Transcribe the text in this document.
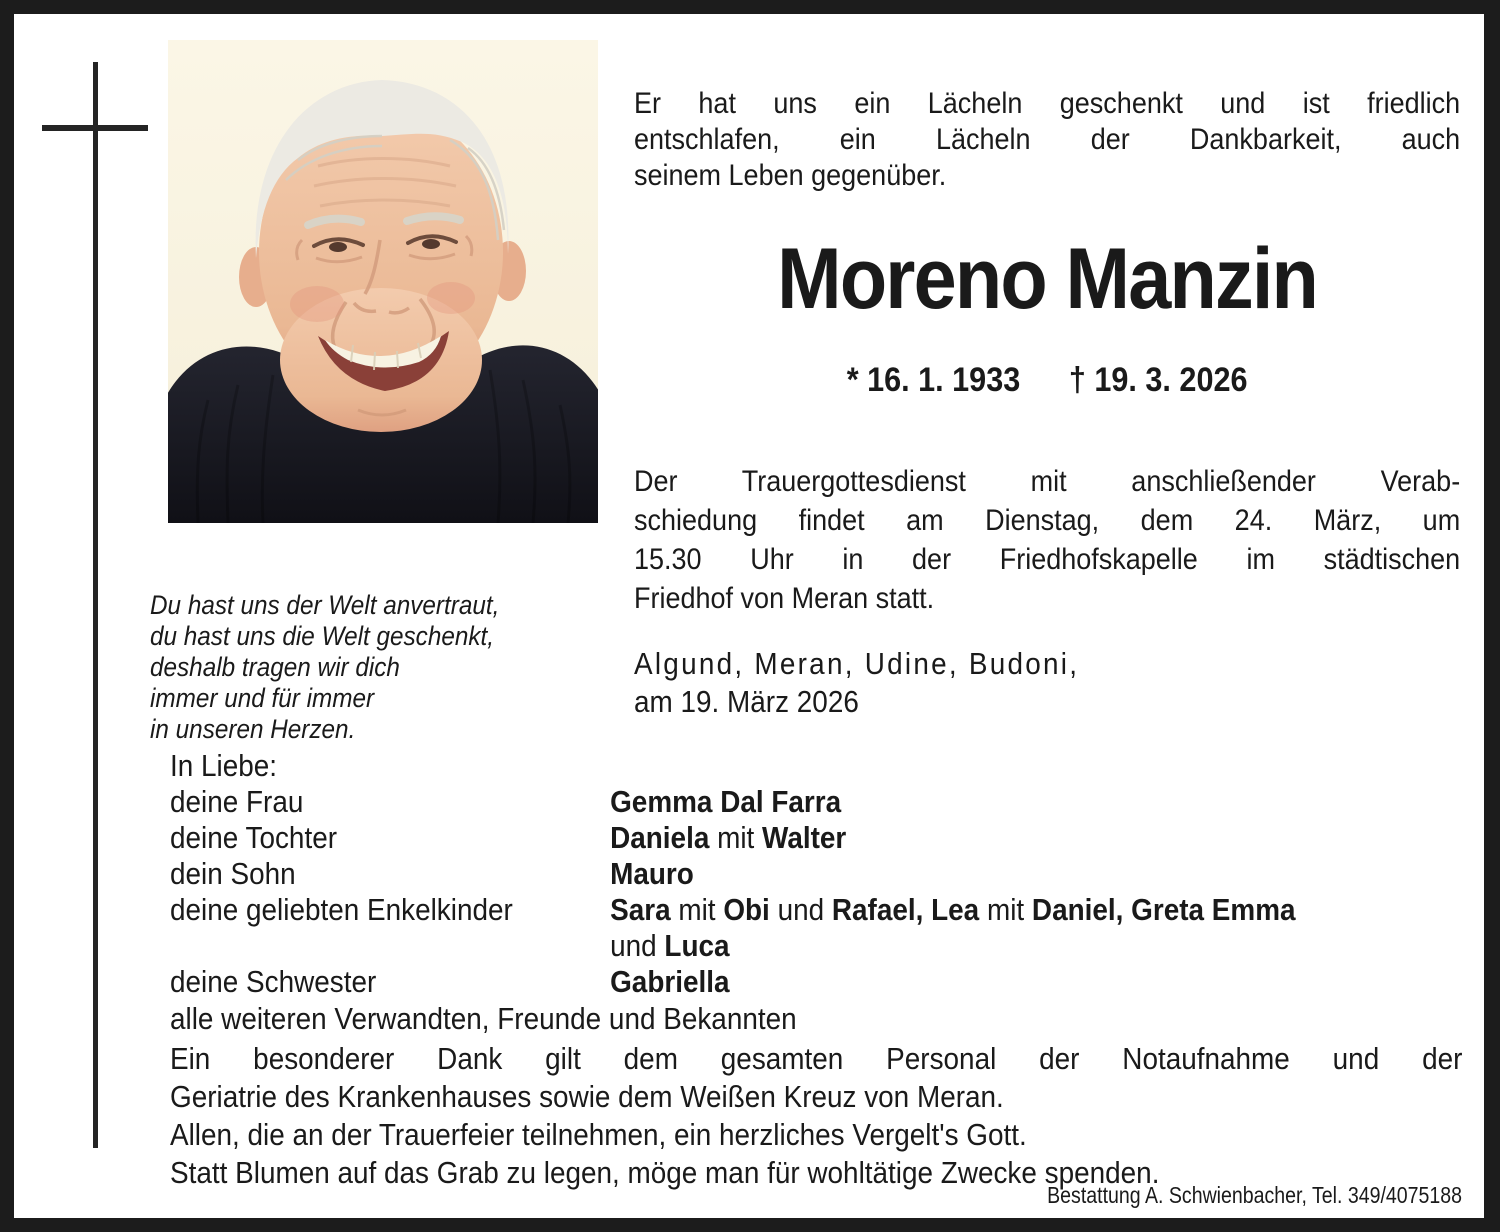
Du hast uns der Welt anvertraut,
du hast uns die Welt geschenkt,
deshalb tragen wir dich
immer und für immer
in unseren Herzen.
Er hat uns ein Lächeln geschenkt und ist friedlich
entschlafen, ein Lächeln der Dankbarkeit, auch
seinem Leben gegenüber.
Moreno Manzin
* 16. 1. 1933 † 19. 3. 2026
Der Trauergottesdienst mit anschließender Verab-
schiedung findet am Dienstag, dem 24. März, um
15.30 Uhr in der Friedhofskapelle im städtischen
Friedhof von Meran statt.
Algund, Meran, Udine, Budoni,
am 19. März 2026
In Liebe:
deine Frau	Gemma Dal Farra
deine Tochter	Daniela mit Walter
dein Sohn	Mauro
deine geliebten Enkelkinder	Sara mit Obi und Rafael, Lea mit Daniel, Greta Emma
und Luca
deine Schwester	Gabriella
alle weiteren Verwandten, Freunde und Bekannten
Ein besonderer Dank gilt dem gesamten Personal der Notaufnahme und der
Geriatrie des Krankenhauses sowie dem Weißen Kreuz von Meran.
Allen, die an der Trauerfeier teilnehmen, ein herzliches Vergelt's Gott.
Statt Blumen auf das Grab zu legen, möge man für wohltätige Zwecke spenden.
Bestattung A. Schwienbacher, Tel. 349/4075188
